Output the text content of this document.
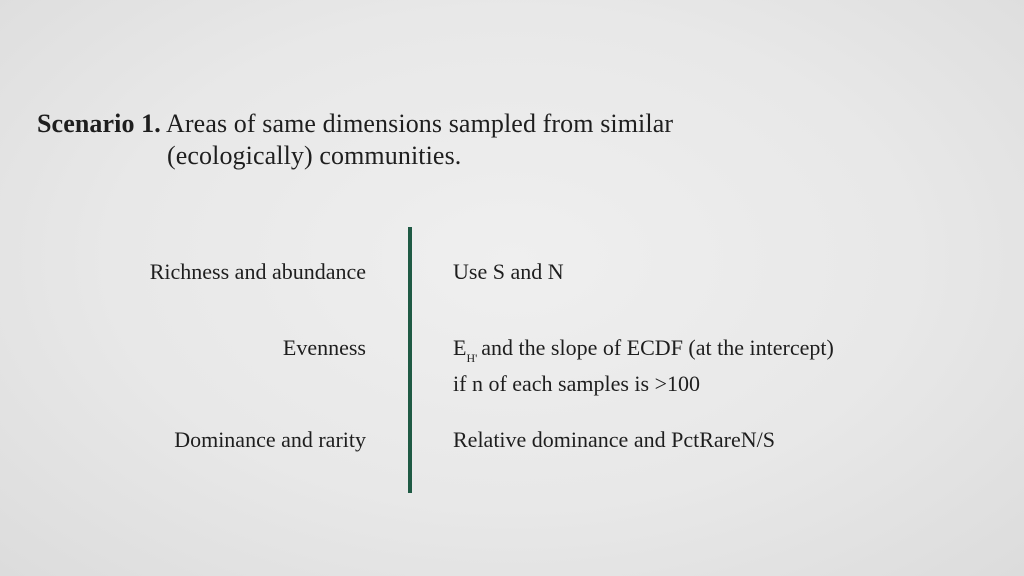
Scenario 1. Areas of same dimensions sampled from similar
(ecologically) communities.
Richness and abundance	Use S and N
Evenness	$E_{H'}$ and the slope of ECDF (at the intercept)
if n of each samples is >100
Dominance and rarity	Relative dominance and PctRareN/S
